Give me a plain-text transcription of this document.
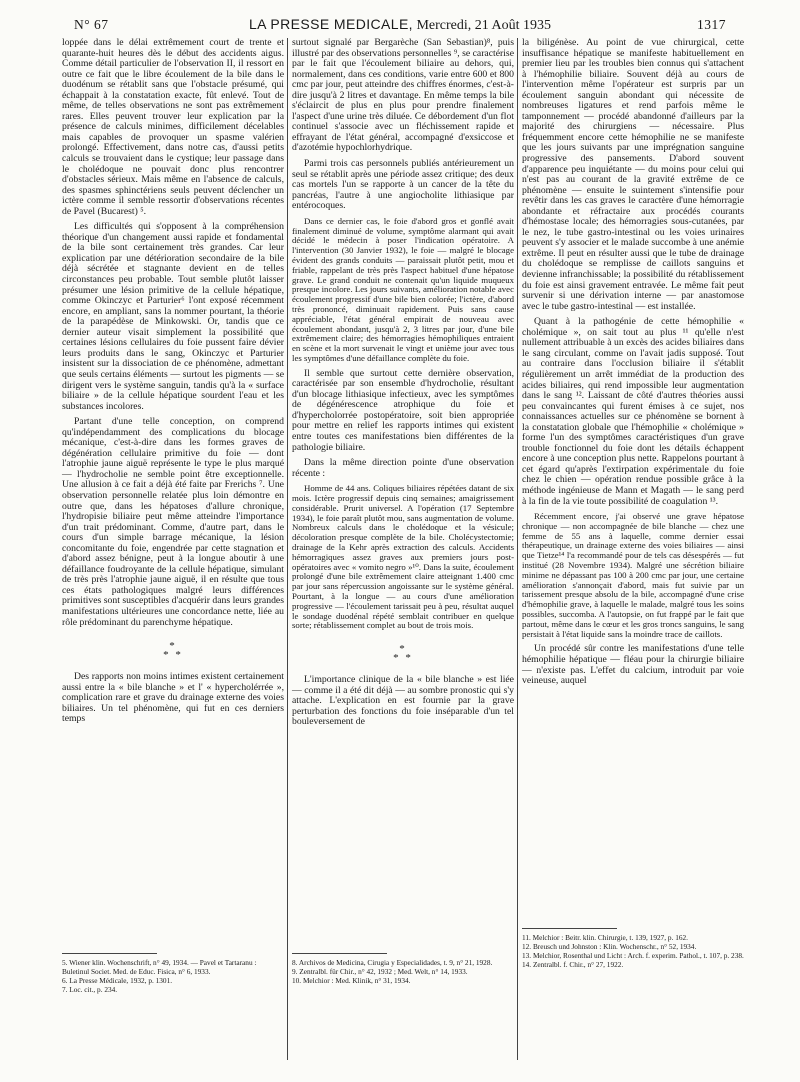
N° 67	LA PRESSE MEDICALE, Mercredi, 21 Août 1935	1317

loppée dans le délai extrêmement court de trente et quarante-huit heures dès le début des accidents aigus. Comme détail particulier de l'observation II, il ressort en outre ce fait que le libre écoulement de la bile dans le duodénum se rétablit sans que l'obstacle présumé, qui échappait à la constatation exacte, fût enlevé. Tout de même, de telles observations ne sont pas extrêmement rares. Elles peuvent trouver leur explication par la présence de calculs minimes, difficilement décelables mais capables de provoquer un spasme valérien prolongé. Effectivement, dans notre cas, d'aussi petits calculs se trouvaient dans le cystique; leur passage dans le cholédoque ne pouvait donc plus rencontrer d'obstacles sérieux. Mais même en l'absence de calculs, des spasmes sphinctériens seuls peuvent déclencher un ictère comme il semble ressortir d'observations récentes de Pavel (Bucarest) ⁵.

Les difficultés qui s'opposent à la compréhension théorique d'un changement aussi rapide et fondamental de la bile sont certainement très grandes. Car leur explication par une détérioration secondaire de la bile déjà sécrétée et stagnante devient en de telles circonstances peu probable. Tout semble plutôt laisser présumer une lésion primitive de la cellule hépatique, comme Okinczyc et Parturier⁶ l'ont exposé récemment encore, en ampliant, sans la nommer pourtant, la théorie de la parapédèse de Minkowski. Or, tandis que ce dernier auteur visait simplement la possibilité que certaines lésions cellulaires du foie pussent faire dévier leurs produits dans le sang, Okinczyc et Parturier insistent sur la dissociation de ce phénomène, admettant que seuls certains éléments — surtout les pigments — se dirigent vers le système sanguin, tandis qu'à la « surface biliaire » de la cellule hépatique sourdent l'eau et les substances incolores.

Partant d'une telle conception, on comprend qu'indépendamment des complications du blocage mécanique, c'est-à-dire dans les formes graves de dégénération cellulaire primitive du foie — dont l'atrophie jaune aiguë représente le type le plus marqué — l'hydrocholie ne semble point être exceptionnelle. Une allusion à ce fait a déjà été faite par Frerichs ⁷. Une observation personnelle relatée plus loin démontre en outre que, dans les hépatoses d'allure chronique, l'hydropisie biliaire peut même atteindre l'importance d'un trait prédominant. Comme, d'autre part, dans le cours d'un simple barrage mécanique, la lésion concomitante du foie, engendrée par cette stagnation et d'abord assez bénigne, peut à la longue aboutir à une défaillance foudroyante de la cellule hépatique, simulant de très près l'atrophie jaune aiguë, il en résulte que tous ces états pathologiques malgré leurs différences primitives sont susceptibles d'acquérir dans leurs grandes manifestations ultérieures une concordance nette, liée au rôle prédominant du parenchyme hépatique.

*
* *

Des rapports non moins intimes existent certainement aussi entre la « bile blanche » et l' « hypercholérrée », complication rare et grave du drainage externe des voies biliaires. Un tel phénomène, qui fut en ces derniers temps

5. Wiener klin. Wochenschrift, n° 49, 1934. — Pavel et Tartaranu : Buletinul Societ. Med. de Educ. Fisica, n° 6, 1933.

6. La Presse Médicale, 1932, p. 1301.

7. Loc. cit., p. 234.

surtout signalé par Bergarèche (San Sebastian)⁸, puis illustré par des observations personnelles ⁹, se caractérise par le fait que l'écoulement biliaire au dehors, qui, normalement, dans ces conditions, varie entre 600 et 800 cmc par jour, peut atteindre des chiffres énormes, c'est-à-dire jusqu'à 2 litres et davantage. En même temps la bile s'éclaircit de plus en plus pour prendre finalement l'aspect d'une urine très diluée. Ce débordement d'un flot continuel s'associe avec un fléchissement rapide et effrayant de l'état général, accompagné d'exsiccose et d'azotémie hypochlorhydrique.

Parmi trois cas personnels publiés antérieurement un seul se rétablit après une période assez critique; des deux cas mortels l'un se rapporte à un cancer de la tête du pancréas, l'autre à une angiocholite lithiasique par entérocoques.

Dans ce dernier cas, le foie d'abord gros et gonflé avait finalement diminué de volume, symptôme alarmant qui avait décidé le médecin à poser l'indication opératoire. A l'intervention (30 Janvier 1932), le foie — malgré le blocage évident des grands conduits — paraissait plutôt petit, mou et friable, rappelant de très près l'aspect habituel d'une hépatose grave. Le grand conduit ne contenait qu'un liquide muqueux presque incolore. Les jours suivants, amélioration notable avec écoulement progressif d'une bile bien colorée; l'ictère, d'abord très prononcé, diminuait rapidement. Puis sans cause appréciable, l'état général empirait de nouveau avec écoulement abondant, jusqu'à 2, 3 litres par jour, d'une bile extrêmement claire; des hémorragies hémophiliques entraient en scène et la mort survenait le vingt et unième jour avec tous les symptômes d'une défaillance complète du foie.

Il semble que surtout cette dernière observation, caractérisée par son ensemble d'hydrocholie, résultant d'un blocage lithiasique infectieux, avec les symptômes de dégénérescence atrophique du foie et d'hypercholorrée postopératoire, soit bien appropriée pour mettre en relief les rapports intimes qui existent entre toutes ces manifestations bien différentes de la pathologie biliaire.

Dans la même direction pointe d'une observation récente :

Homme de 44 ans. Coliques biliaires répétées datant de six mois. Ictère progressif depuis cinq semaines; amaigrissement considérable. Prurit universel. A l'opération (17 Septembre 1934), le foie paraît plutôt mou, sans augmentation de volume. Nombreux calculs dans le cholédoque et la vésicule; décoloration presque complète de la bile. Cholécystectomie; drainage de la Kehr après extraction des calculs. Accidents hémorragiques assez graves aux premiers jours post-opératoires avec « vomito negro »¹⁰. Dans la suite, écoulement prolongé d'une bile extrêmement claire atteignant 1.400 cmc par jour sans répercussion angoissante sur le système général. Pourtant, à la longue — au cours d'une amélioration progressive — l'écoulement tarissait peu à peu, résultat auquel le sondage duodénal répété semblait contribuer en quelque sorte; rétablissement complet au bout de trois mois.

*
* *

L'importance clinique de la « bile blanche » est liée — comme il a été dit déjà — au sombre pronostic qui s'y attache. L'explication en est fournie par la grave perturbation des fonctions du foie inséparable d'un tel bouleversement de

8. Archivos de Medicina, Cirugia y Especialidades, t. 9, n° 21, 1928.

9. Zentralbl. für Chir., n° 42, 1932 ; Med. Welt, n° 14, 1933.

10. Melchior : Med. Klinik, n° 31, 1934.

la biligénèse. Au point de vue chirurgical, cette insuffisance hépatique se manifeste habituellement en premier lieu par les troubles bien connus qui s'attachent à l'hémophilie biliaire. Souvent déjà au cours de l'intervention même l'opérateur est surpris par un écoulement sanguin abondant qui nécessite de nombreuses ligatures et rend parfois même le tamponnement — procédé abandonné d'ailleurs par la majorité des chirurgiens — nécessaire. Plus fréquemment encore cette hémophilie ne se manifeste que les jours suivants par une imprégnation sanguine progressive des pansements. D'abord souvent d'apparence peu inquiétante — du moins pour celui qui n'est pas au courant de la gravité extrême de ce phénomène — ensuite le suintement s'intensifie pour revêtir dans les cas graves le caractère d'une hémorragie abondante et réfractaire aux procédés courants d'hémostase locale; des hémorragies sous-cutanées, par le nez, le tube gastro-intestinal ou les voies urinaires peuvent s'y associer et le malade succombe à une anémie extrême. Il peut en résulter aussi que le tube de drainage du cholédoque se remplisse de caillots sanguins et devienne infranchissable; la possibilité du rétablissement du foie est ainsi gravement entravée. Le même fait peut survenir si une dérivation interne — par anastomose avec le tube gastro-intestinal — est installée.

Quant à la pathogénie de cette hémophilie « cholémique », on sait tout au plus ¹¹ qu'elle n'est nullement attribuable à un excès des acides biliaires dans le sang circulant, comme on l'avait jadis supposé. Tout au contraire dans l'occlusion biliaire il s'établit régulièrement un arrêt immédiat de la production des acides biliaires, qui rend impossible leur augmentation dans le sang ¹². Laissant de côté d'autres théories aussi peu convaincantes qui furent émises à ce sujet, nos connaissances actuelles sur ce phénomène se bornent à la constatation globale que l'hémophilie « cholémique » forme l'un des symptômes caractéristiques d'un grave trouble fonctionnel du foie dont les détails échappent encore à une conception plus nette. Rappelons pourtant à cet égard qu'après l'extirpation expérimentale du foie chez le chien — opération rendue possible grâce à la méthode ingénieuse de Mann et Magath — le sang perd à la fin de la vie toute possibilité de coagulation ¹³.

Récemment encore, j'ai observé une grave hépatose chronique — non accompagnée de bile blanche — chez une femme de 55 ans à laquelle, comme dernier essai thérapeutique, un drainage externe des voies biliaires — ainsi que Tietze¹⁴ l'a recommandé pour de tels cas désespérés — fut institué (28 Novembre 1934). Malgré une sécrétion biliaire minime ne dépassant pas 100 à 200 cmc par jour, une certaine amélioration s'annonçait d'abord, mais fut suivie par un tarissement presque absolu de la bile, accompagné d'une crise d'hémophilie grave, à laquelle le malade, malgré tous les soins possibles, succomba. A l'autopsie, on fut frappé par le fait que partout, même dans le cœur et les gros troncs sanguins, le sang persistait à l'état liquide sans la moindre trace de caillots.

Un procédé sûr contre les manifestations d'une telle hémophilie hépatique — fléau pour la chirurgie biliaire — n'existe pas. L'effet du calcium, introduit par voie veineuse, auquel

11. Melchior : Beitr. klin. Chirurgie, t. 139, 1927, p. 162.

12. Breusch und Johnston : Klin. Wochenschr., n° 52, 1934.

13. Melchior, Rosenthal und Licht : Arch. f. experim. Pathol., t. 107, p. 238.

14. Zentralbl. f. Chir., n° 27, 1922.
